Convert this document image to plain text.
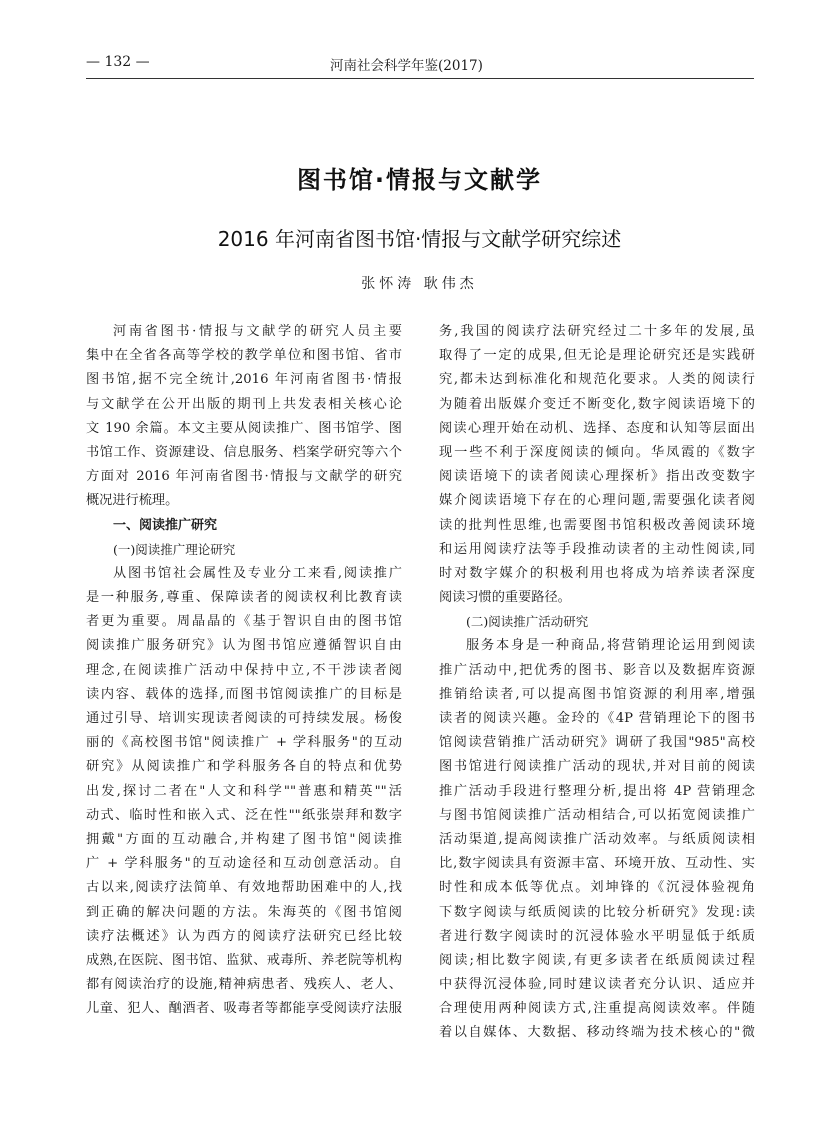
— 132 —	河南社会科学年鉴(2017)
图书馆·情报与文献学
2016 年河南省图书馆·情报与文献学研究综述
张怀涛 耿伟杰
河南省图书·情报与文献学的研究人员主要
集中在全省各高等学校的教学单位和图书馆、省市
图书馆,据不完全统计,2016 年河南省图书·情报
与文献学在公开出版的期刊上共发表相关核心论
文 190 余篇。本文主要从阅读推广、图书馆学、图
书馆工作、资源建设、信息服务、档案学研究等六个
方面对 2016 年河南省图书·情报与文献学的研究
概况进行梳理。
一、阅读推广研究
(一)阅读推广理论研究
从图书馆社会属性及专业分工来看,阅读推广
是一种服务,尊重、保障读者的阅读权利比教育读
者更为重要。周晶晶的《基于智识自由的图书馆
阅读推广服务研究》认为图书馆应遵循智识自由
理念,在阅读推广活动中保持中立,不干涉读者阅
读内容、载体的选择,而图书馆阅读推广的目标是
通过引导、培训实现读者阅读的可持续发展。杨俊
丽的《高校图书馆"阅读推广 + 学科服务"的互动
研究》从阅读推广和学科服务各自的特点和优势
出发,探讨二者在"人文和科学""普惠和精英""活
动式、临时性和嵌入式、泛在性""纸张崇拜和数字
拥戴"方面的互动融合,并构建了图书馆"阅读推
广 + 学科服务"的互动途径和互动创意活动。自
古以来,阅读疗法简单、有效地帮助困难中的人,找
到正确的解决问题的方法。朱海英的《图书馆阅
读疗法概述》认为西方的阅读疗法研究已经比较
成熟,在医院、图书馆、监狱、戒毒所、养老院等机构
都有阅读治疗的设施,精神病患者、残疾人、老人、
儿童、犯人、酗酒者、吸毒者等都能享受阅读疗法服
务,我国的阅读疗法研究经过二十多年的发展,虽
取得了一定的成果,但无论是理论研究还是实践研
究,都未达到标准化和规范化要求。人类的阅读行
为随着出版媒介变迁不断变化,数字阅读语境下的
阅读心理开始在动机、选择、态度和认知等层面出
现一些不利于深度阅读的倾向。华凤霞的《数字
阅读语境下的读者阅读心理探析》指出改变数字
媒介阅读语境下存在的心理问题,需要强化读者阅
读的批判性思维,也需要图书馆积极改善阅读环境
和运用阅读疗法等手段推动读者的主动性阅读,同
时对数字媒介的积极利用也将成为培养读者深度
阅读习惯的重要路径。
(二)阅读推广活动研究
服务本身是一种商品,将营销理论运用到阅读
推广活动中,把优秀的图书、影音以及数据库资源
推销给读者,可以提高图书馆资源的利用率,增强
读者的阅读兴趣。金玲的《4P 营销理论下的图书
馆阅读营销推广活动研究》调研了我国"985"高校
图书馆进行阅读推广活动的现状,并对目前的阅读
推广活动手段进行整理分析,提出将 4P 营销理念
与图书馆阅读推广活动相结合,可以拓宽阅读推广
活动渠道,提高阅读推广活动效率。与纸质阅读相
比,数字阅读具有资源丰富、环境开放、互动性、实
时性和成本低等优点。刘坤锋的《沉浸体验视角
下数字阅读与纸质阅读的比较分析研究》发现:读
者进行数字阅读时的沉浸体验水平明显低于纸质
阅读;相比数字阅读,有更多读者在纸质阅读过程
中获得沉浸体验,同时建议读者充分认识、适应并
合理使用两种阅读方式,注重提高阅读效率。伴随
着以自媒体、大数据、移动终端为技术核心的"微
